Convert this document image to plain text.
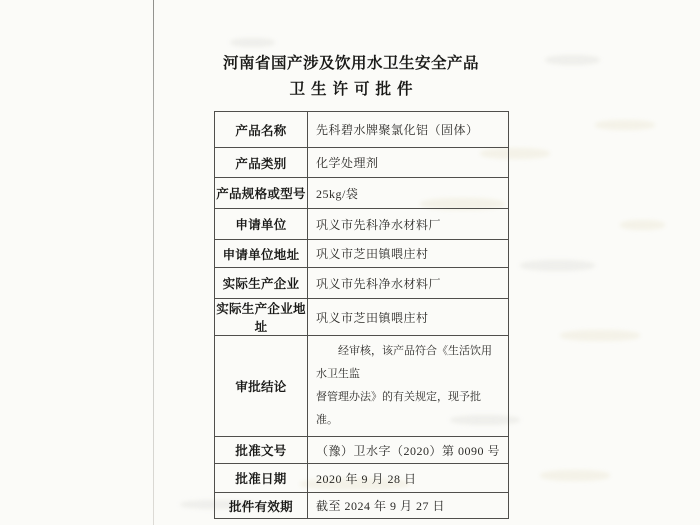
河南省国产涉及饮用水卫生安全产品
卫生许可批件
产品名称	先科碧水牌聚氯化铝（固体）
产品类别	化学处理剂
产品规格或型号	25kg/袋
申请单位	巩义市先科净水材料厂
申请单位地址	巩义市芝田镇喂庄村
实际生产企业	巩义市先科净水材料厂
实际生产企业地址	巩义市芝田镇喂庄村
审批结论	经审核，该产品符合《生活饮用水卫生监
督管理办法》的有关规定，现予批准。

批准文号	（豫）卫水字（2020）第 0090 号
批准日期	2020 年 9 月 28 日
批件有效期	截至 2024 年 9 月 27 日
